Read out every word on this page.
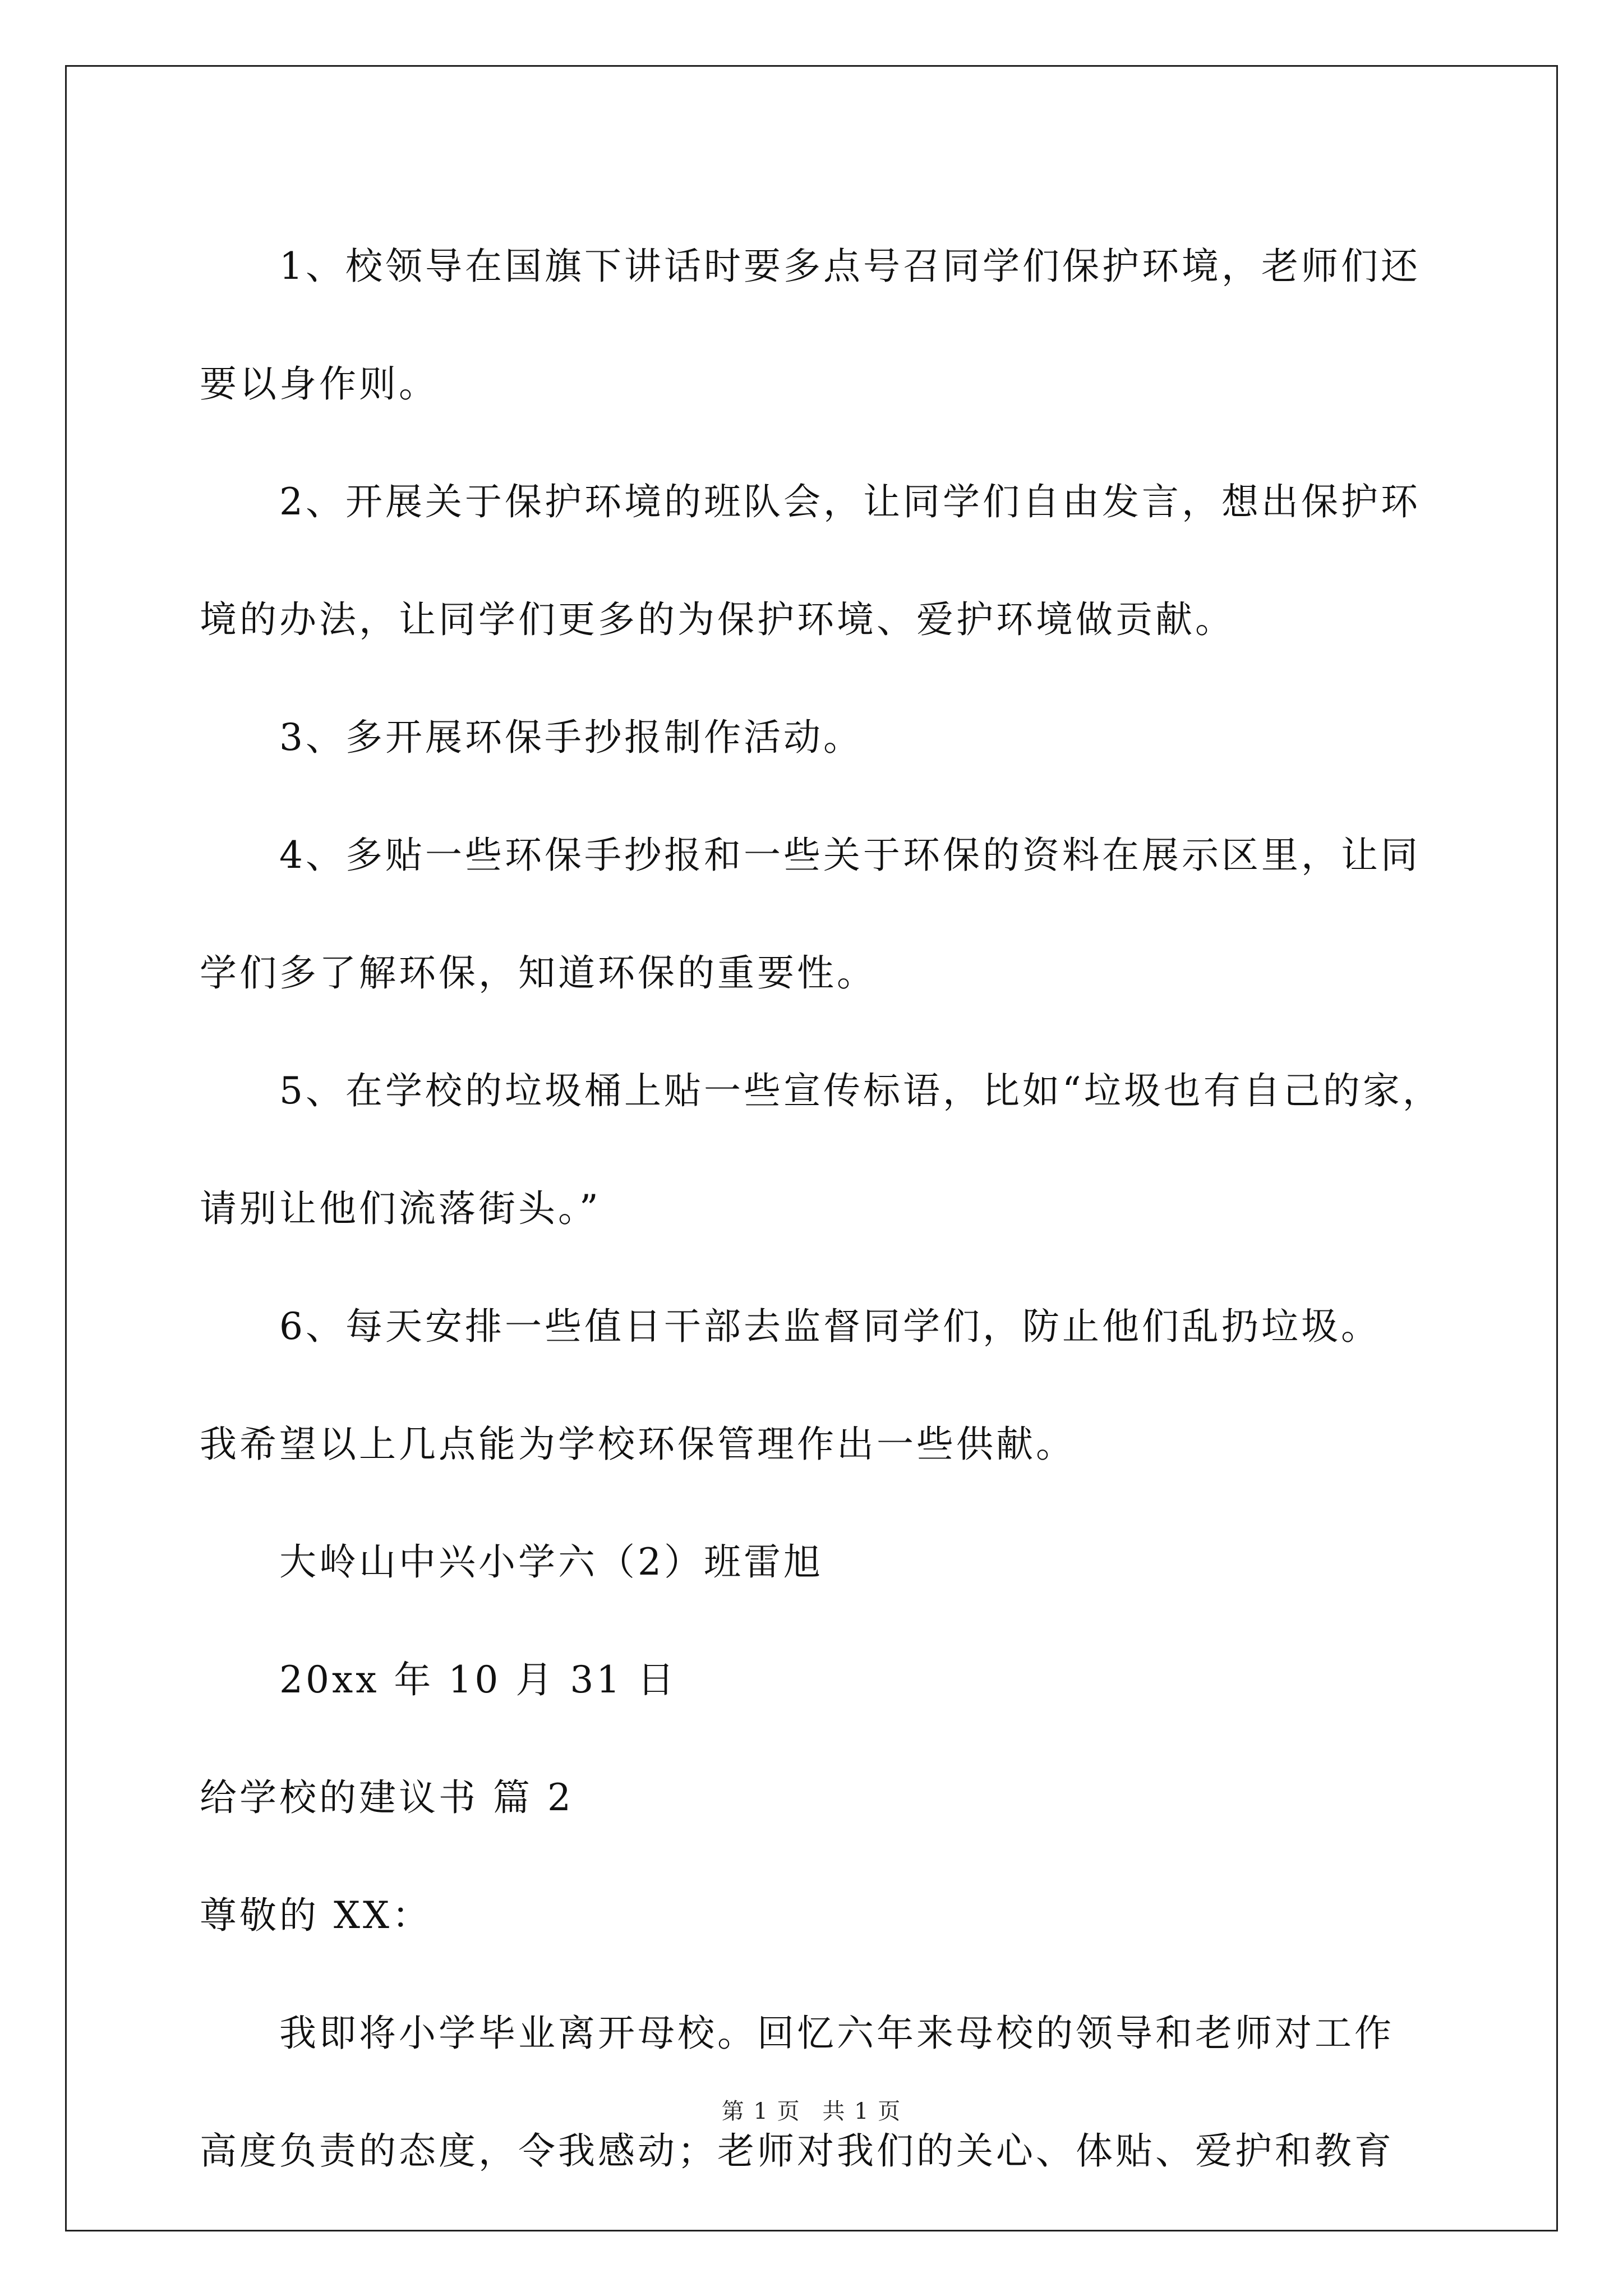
1、校领导在国旗下讲话时要多点号召同学们保护环境，老师们还

要以身作则。

2、开展关于保护环境的班队会，让同学们自由发言，想出保护环

境的办法，让同学们更多的为保护环境、爱护环境做贡献。

3、多开展环保手抄报制作活动。

4、多贴一些环保手抄报和一些关于环保的资料在展示区里，让同

学们多了解环保，知道环保的重要性。

5、在学校的垃圾桶上贴一些宣传标语，比如“垃圾也有自己的家，

请别让他们流落街头。”

6、每天安排一些值日干部去监督同学们，防止他们乱扔垃圾。

我希望以上几点能为学校环保管理作出一些供献。

大岭山中兴小学六（2）班雷旭

20xx 年 10 月 31 日

给学校的建议书 篇 2

尊敬的 XX：

我即将小学毕业离开母校。回忆六年来母校的领导和老师对工作

高度负责的态度，令我感动；老师对我们的关心、体贴、爱护和教育

第 1 页 共 1 页
